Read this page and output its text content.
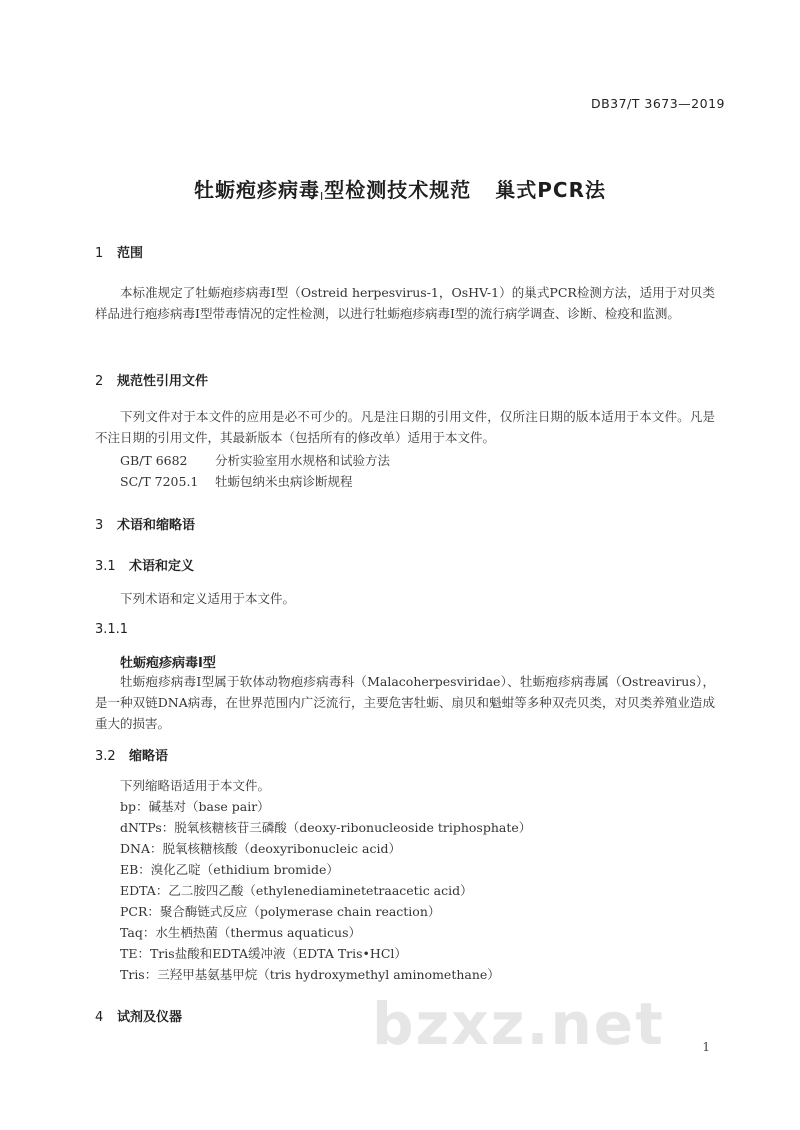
DB37/T 3673—2019
牡蛎疱疹病毒I型检测技术规范 巢式PCR法
1 范围
本标准规定了牡蛎疱疹病毒I型（Ostreid herpesvirus-1，OsHV-1）的巢式PCR检测方法，适用于对贝类样品进行疱疹病毒I型带毒情况的定性检测，以进行牡蛎疱疹病毒I型的流行病学调查、诊断、检疫和监测。
2 规范性引用文件
下列文件对于本文件的应用是必不可少的。凡是注日期的引用文件，仅所注日期的版本适用于本文件。凡是不注日期的引用文件，其最新版本（包括所有的修改单）适用于本文件。
GB/T 6682 分析实验室用水规格和试验方法
SC/T 7205.1 牡蛎包纳米虫病诊断规程
3 术语和缩略语
3.1 术语和定义
下列术语和定义适用于本文件。
3.1.1
牡蛎疱疹病毒I型
牡蛎疱疹病毒I型属于软体动物疱疹病毒科（Malacoherpesviridae）、牡蛎疱疹病毒属（Ostreavirus），是一种双链DNA病毒，在世界范围内广泛流行，主要危害牡蛎、扇贝和魁蚶等多种双壳贝类，对贝类养殖业造成重大的损害。
3.2 缩略语
下列缩略语适用于本文件。
bp：碱基对（base pair）
dNTPs：脱氧核糖核苷三磷酸（deoxy-ribonucleoside triphosphate）
DNA：脱氧核糖核酸（deoxyribonucleic acid）
EB：溴化乙啶（ethidium bromide）
EDTA：乙二胺四乙酸（ethylenediaminetetraacetic acid）
PCR：聚合酶链式反应（polymerase chain reaction）
Taq：水生栖热菌（thermus aquaticus）
TE：Tris盐酸和EDTA缓冲液（EDTA Tris•HCl）
Tris：三羟甲基氨基甲烷（tris hydroxymethyl aminomethane）
4 试剂及仪器	bzxz.net	1
